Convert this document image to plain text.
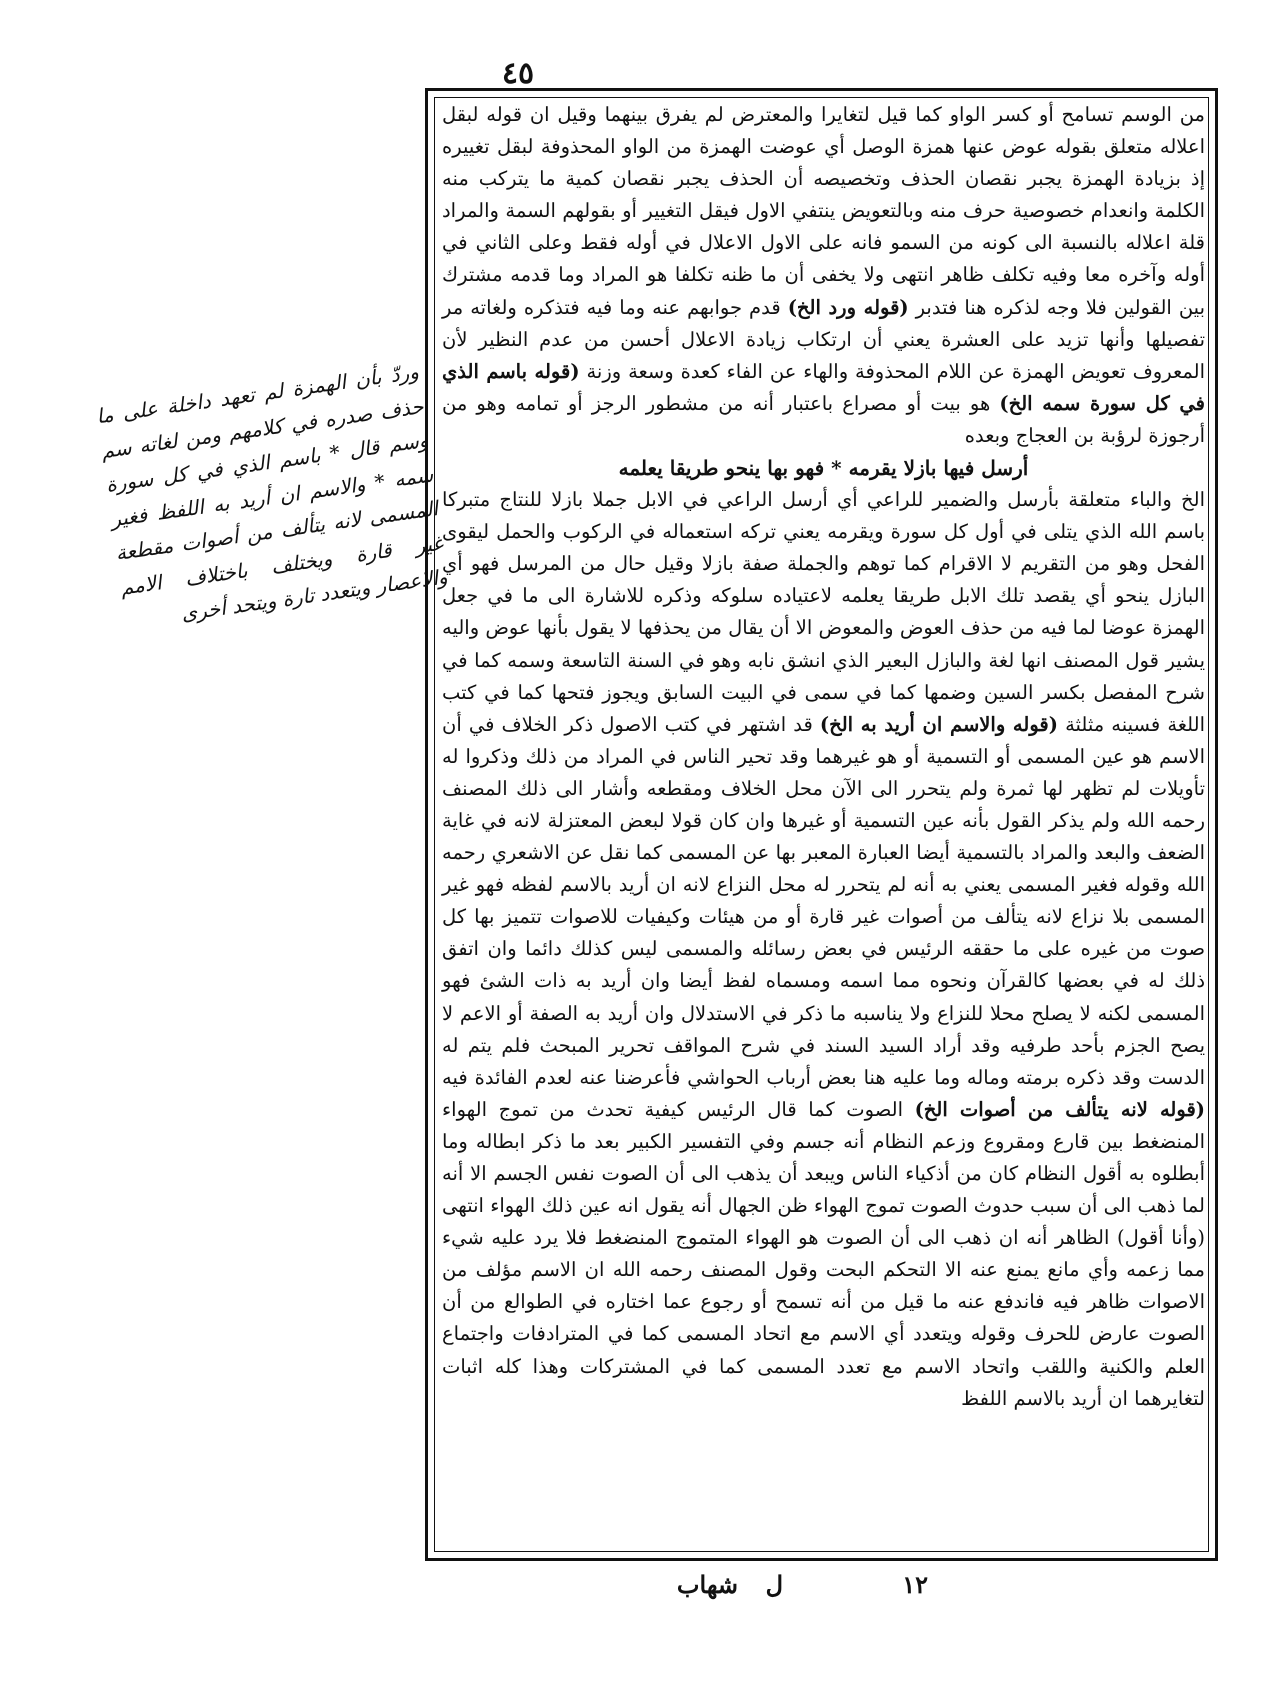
٤٥

من الوسم تسامح أو كسر الواو كما قيل لتغايرا والمعترض لم يفرق بينهما وقيل ان قوله لبقل اعلاله متعلق بقوله عوض عنها همزة الوصل أي عوضت الهمزة من الواو المحذوفة لبقل تغييره إذ بزيادة الهمزة يجبر نقصان الحذف وتخصيصه أن الحذف يجبر نقصان كمية ما يتركب منه الكلمة وانعدام خصوصية حرف منه وبالتعويض ينتفي الاول فيقل التغيير أو بقولهم السمة والمراد قلة اعلاله بالنسبة الى كونه من السمو فانه على الاول الاعلال في أوله فقط وعلى الثاني في أوله وآخره معا وفيه تكلف ظاهر انتهى ولا يخفى أن ما ظنه تكلفا هو المراد وما قدمه مشترك بين القولين فلا وجه لذكره هنا فتدبر (قوله ورد الخ) قدم جوابهم عنه وما فيه فتذكره ولغاته مر تفصيلها وأنها تزيد على العشرة يعني أن ارتكاب زيادة الاعلال أحسن من عدم النظير لأن المعروف تعويض الهمزة عن اللام المحذوفة والهاء عن الفاء كعدة وسعة وزنة (قوله باسم الذي في كل سورة سمه الخ) هو بيت أو مصراع باعتبار أنه من مشطور الرجز أو تمامه وهو من أرجوزة لرؤبة بن العجاج وبعده

أرسل فيها بازلا يقرمه * فهو بها ينحو طريقا يعلمه

الخ والباء متعلقة بأرسل والضمير للراعي أي أرسل الراعي في الابل جملا بازلا للنتاج متبركا باسم الله الذي يتلى في أول كل سورة ويقرمه يعني تركه استعماله في الركوب والحمل ليقوى الفحل وهو من التقريم لا الاقرام كما توهم والجملة صفة بازلا وقيل حال من المرسل فهو أي البازل ينحو أي يقصد تلك الابل طريقا يعلمه لاعتياده سلوكه وذكره للاشارة الى ما في جعل الهمزة عوضا لما فيه من حذف العوض والمعوض الا أن يقال من يحذفها لا يقول بأنها عوض واليه يشير قول المصنف انها لغة والبازل البعير الذي انشق نابه وهو في السنة التاسعة وسمه كما في شرح المفصل بكسر السين وضمها كما في سمى في البيت السابق ويجوز فتحها كما في كتب اللغة فسينه مثلثة (قوله والاسم ان أريد به الخ) قد اشتهر في كتب الاصول ذكر الخلاف في أن الاسم هو عين المسمى أو التسمية أو هو غيرهما وقد تحير الناس في المراد من ذلك وذكروا له تأويلات لم تظهر لها ثمرة ولم يتحرر الى الآن محل الخلاف ومقطعه وأشار الى ذلك المصنف رحمه الله ولم يذكر القول بأنه عين التسمية أو غيرها وان كان قولا لبعض المعتزلة لانه في غاية الضعف والبعد والمراد بالتسمية أيضا العبارة المعبر بها عن المسمى كما نقل عن الاشعري رحمه الله وقوله فغير المسمى يعني به أنه لم يتحرر له محل النزاع لانه ان أريد بالاسم لفظه فهو غير المسمى بلا نزاع لانه يتألف من أصوات غير قارة أو من هيئات وكيفيات للاصوات تتميز بها كل صوت من غيره على ما حققه الرئيس في بعض رسائله والمسمى ليس كذلك دائما وان اتفق ذلك له في بعضها كالقرآن ونحوه مما اسمه ومسماه لفظ أيضا وان أريد به ذات الشئ فهو المسمى لكنه لا يصلح محلا للنزاع ولا يناسبه ما ذكر في الاستدلال وان أريد به الصفة أو الاعم لا يصح الجزم بأحد طرفيه وقد أراد السيد السند في شرح المواقف تحرير المبحث فلم يتم له الدست وقد ذكره برمته وماله وما عليه هنا بعض أرباب الحواشي فأعرضنا عنه لعدم الفائدة فيه (قوله لانه يتألف من أصوات الخ) الصوت كما قال الرئيس كيفية تحدث من تموج الهواء المنضغط بين قارع ومقروع وزعم النظام أنه جسم وفي التفسير الكبير بعد ما ذكر ابطاله وما أبطلوه به أقول النظام كان من أذكياء الناس ويبعد أن يذهب الى أن الصوت نفس الجسم الا أنه لما ذهب الى أن سبب حدوث الصوت تموج الهواء ظن الجهال أنه يقول انه عين ذلك الهواء انتهى (وأنا أقول) الظاهر أنه ان ذهب الى أن الصوت هو الهواء المتموج المنضغط فلا يرد عليه شيء مما زعمه وأي مانع يمنع عنه الا التحكم البحت وقول المصنف رحمه الله ان الاسم مؤلف من الاصوات ظاهر فيه فاندفع عنه ما قيل من أنه تسمح أو رجوع عما اختاره في الطوالع من أن الصوت عارض للحرف وقوله ويتعدد أي الاسم مع اتحاد المسمى كما في المترادفات واجتماع العلم والكنية واللقب واتحاد الاسم مع تعدد المسمى كما في المشتركات وهذا كله اثبات لتغايرهما ان أريد بالاسم اللفظ

وردّ بأن الهمزة لم تعهد داخلة على ما حذف صدره في كلامهم ومن لغاته سم وسم قال * باسم الذي في كل سورة سمه * والاسم ان أريد به اللفظ فغير المسمى لانه يتألف من أصوات مقطعة غير قارة ويختلف باختلاف الامم والاعصار ويتعدد تارة ويتحد أخرى
شهاب ل	١٢
